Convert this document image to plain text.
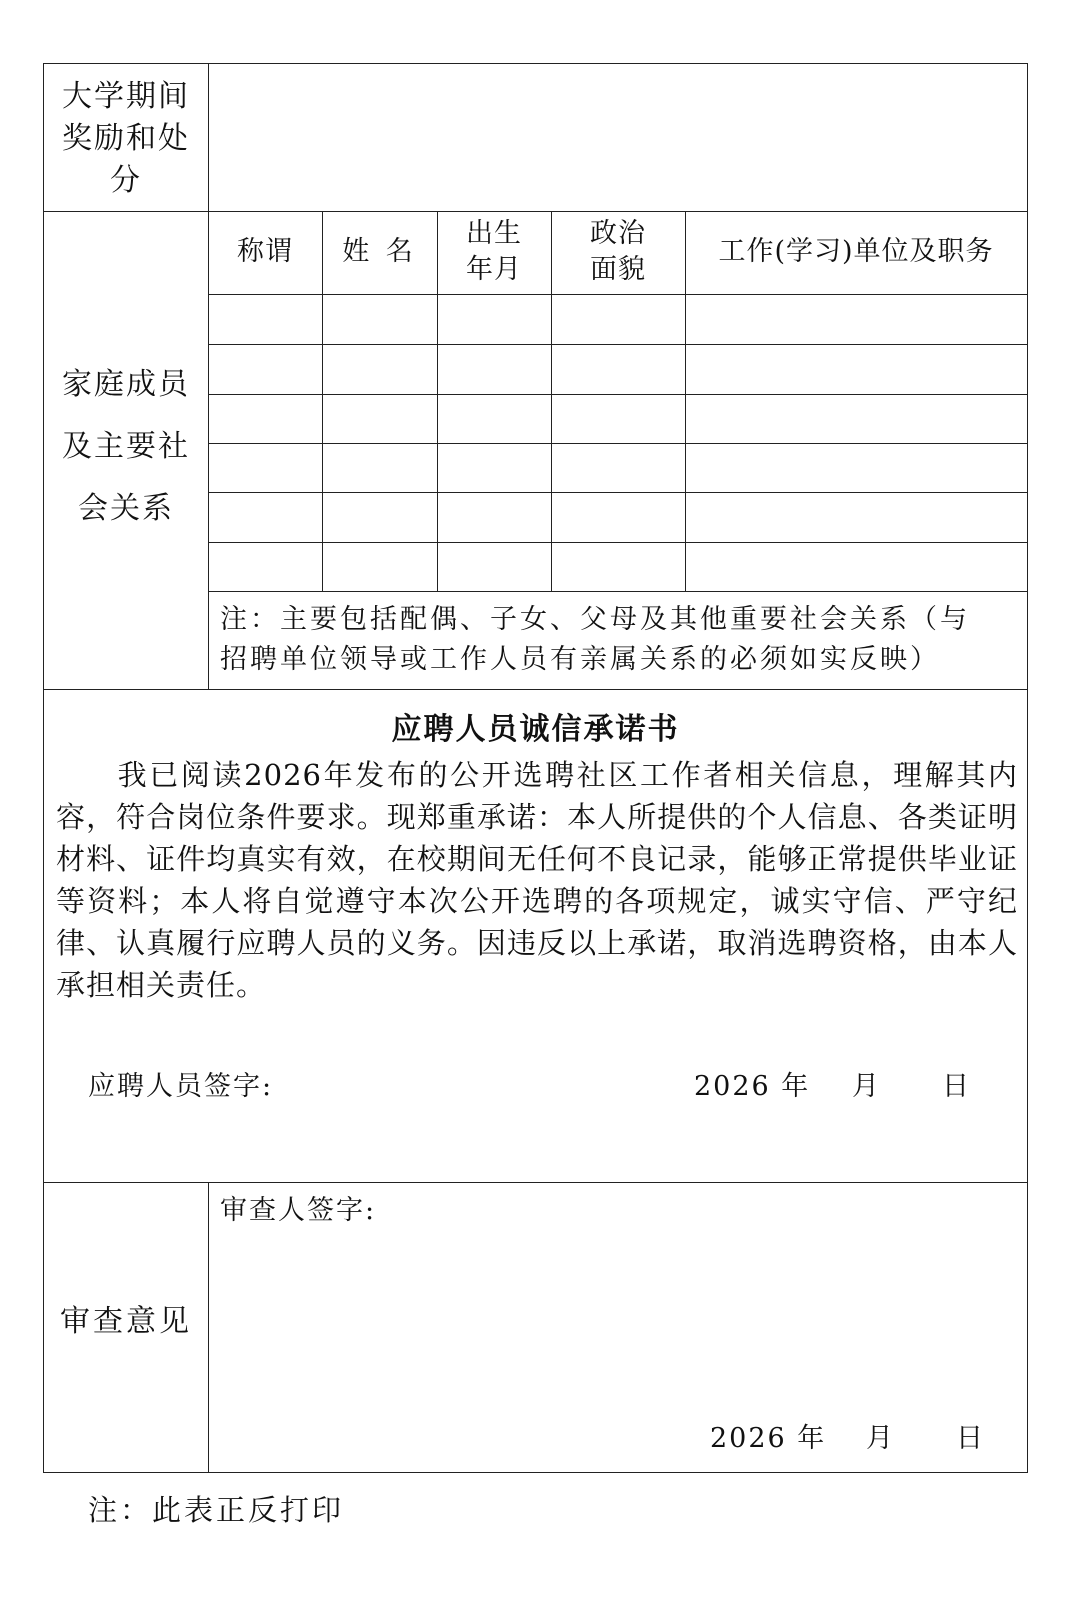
大学期间
奖励和处
分
家庭成员
及主要社
会关系
称谓	姓 名
出生
年月
政治
面貌
工作(学习)单位及职务
注：主要包括配偶、子女、父母及其他重要社会关系（与
招聘单位领导或工作人员有亲属关系的必须如实反映）
应聘人员诚信承诺书
我已阅读2026年发布的公开选聘社区工作者相关信息，理解其内容，符合岗位条件要求。现郑重承诺：本人所提供的个人信息、各类证明材料、证件均真实有效，在校期间无任何不良记录，能够正常提供毕业证等资料；本人将自觉遵守本次公开选聘的各项规定，诚实守信、严守纪律、认真履行应聘人员的义务。因违反以上承诺，取消选聘资格，由本人承担相关责任。
应聘人员签字:	2026 年 月 日
审查意见
审查人签字:
2026 年 月 日
注：此表正反打印
